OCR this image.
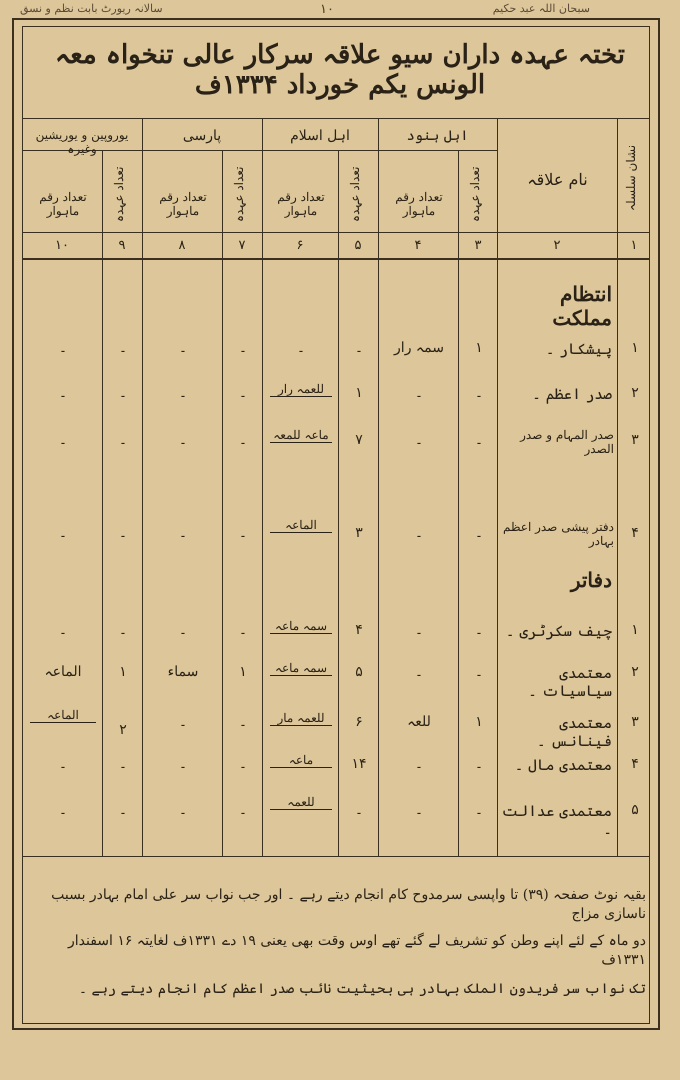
سبحان اللہ عبد حکیم
۱۰
سالانہ ریورٹ بابت نظم و نسق
تختہ عہدہ داران سیو علاقہ سرکار عالی تنخواہ معہ الونس یکم خورداد ۱۳۳۴ف
نشان سلسلہ
نام علاقہ
اہل ہنود
اہل اسلام
پارسی
یوروپین و یوریشین وغیرہ
تعداد عہدہ
تعداد عہدہ
تعداد عہدہ
تعداد عہدہ	تعداد رقم ماہوار
تعداد رقم ماہوار
تعداد رقم ماہوار
تعداد رقم ماہوار
۱
۲
۳
۴
۵
۶
۷
۸
۹
۱۰
انتظام مملکت
۱
پیشکار ۔
۱
سمہ رار
۔
۔
۔
۔
۔
۔
۲
صدر اعظم ۔
۔
۔
۱
للعمہ رار
۔
۔
۔
۔
۳
صدر المہام و صدر الصدر
۔
۔
۷
ماعہ للمعہ
۔
۔
۔
۔
۴
دفتر پیشی صدر اعظم بہادر
۔
۔
۳
الماعہ
۔
۔
۔
۔
دفاتر
۱
چیف سکرٹری ۔
۔
۔
۴
سمہ ماعہ
۔
۔
۔
۔
۲
معتمدی سیاسیات ۔
۔
۔
۵
سمہ ماعہ
۱
سماء
۱
الماعہ
۳
معتمدی فینانس ۔
۱
للعہ
۶
للعمہ مار
۔
۔
۲
الماعہ
۴
معتمدی مال ۔
۔
۔
۱۴
ماعہ
۔
۔
۔
۔
۵
معتمدی عدالت ۔
۔
۔
۔
للعمہ
۔
۔
۔
۔
بقیہ نوٹ صفحہ (۳۹) تا واپسی سرمدوح کام انجام دیتے رہے ۔ اور جب نواب سر علی امام بہادر بسبب ناسازی مزاج
دو ماہ کے لئے اپنے وطن کو تشریف لے گئے تھے اوس وقت بھی یعنی ۱۹ دے ۱۳۳۱ف لغایتہ ۱۶ اسفندار ۱۳۳۱ف
تک نواب سر فریدون الملک بہادر ہی بحیثیت نائب صدر اعظم کام انجام دیتے رہے ۔
